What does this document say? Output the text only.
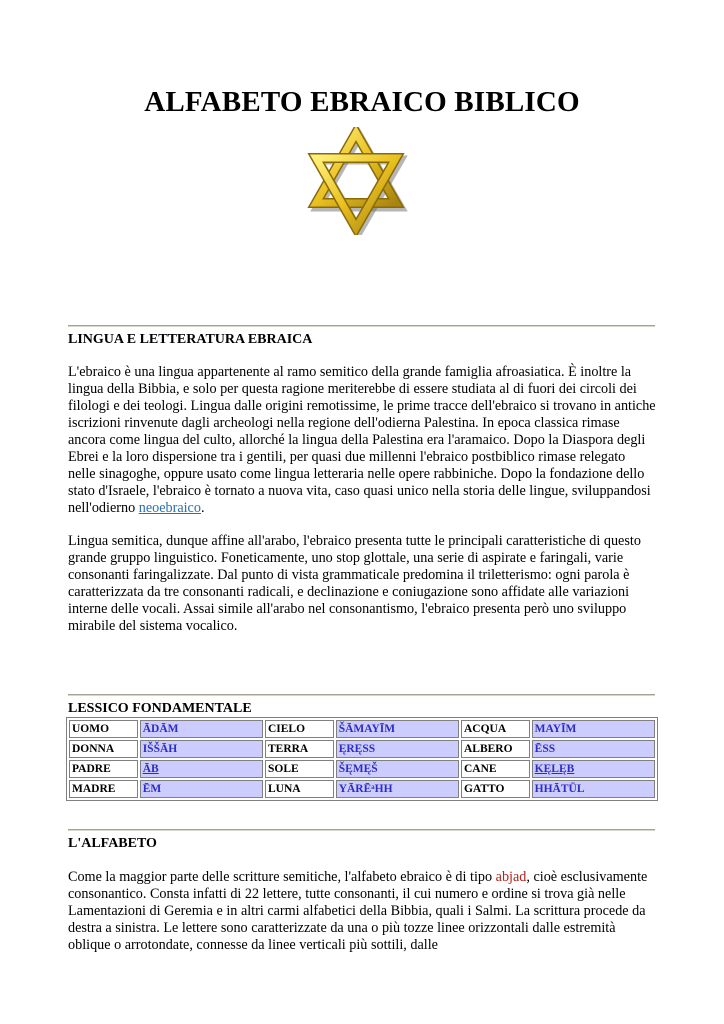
ALFABETO EBRAICO BIBLICO
LINGUA E LETTERATURA EBRAICA

L'ebraico è una lingua appartenente al ramo semitico della grande famiglia afroasiatica. È inoltre la lingua della Bibbia, e solo per questa ragione meriterebbe di essere studiata al di fuori dei circoli dei filologi e dei teologi. Lingua dalle origini remotissime, le prime tracce dell'ebraico si trovano in antiche iscrizioni rinvenute dagli archeologi nella regione dell'odierna Palestina. In epoca classica rimase ancora come lingua del culto, allorché la lingua della Palestina era l'aramaico. Dopo la Diaspora degli Ebrei e la loro dispersione tra i gentili, per quasi due millenni l'ebraico postbiblico rimase relegato nelle sinagoghe, oppure usato come lingua letteraria nelle opere rabbiniche. Dopo la fondazione dello stato d'Israele, l'ebraico è tornato a nuova vita, caso quasi unico nella storia delle lingue, sviluppandosi nell'odierno neoebraico.

Lingua semitica, dunque affine all'arabo, l'ebraico presenta tutte le principali caratteristiche di questo grande gruppo linguistico. Foneticamente, uno stop glottale, una serie di aspirate e faringali, varie consonanti faringalizzate. Dal punto di vista grammaticale predomina il triletterismo: ogni parola è caratterizzata da tre consonanti radicali, e declinazione e coniugazione sono affidate alle variazioni interne delle vocali. Assai simile all'arabo nel consonantismo, l'ebraico presenta però uno sviluppo mirabile del sistema vocalico.

LESSICO FONDAMENTALE
UOMO	ĀDĀM	CIELO	ŠĀMAYĪM	ACQUA	MAYĪM
DONNA	IŠŠĀH	TERRA	ĘRĘSS	ALBERO	ĒSS
PADRE	ĀB	SOLE	ŠĘMĘŠ	CANE	KĘLĘB
MADRE	ĒM	LUNA	YĀRĒᵃHH	GATTO	HHĀTŪL
L'ALFABETO

Come la maggior parte delle scritture semitiche, l'alfabeto ebraico è di tipo abjad, cioè esclusivamente consonantico. Consta infatti di 22 lettere, tutte consonanti, il cui numero e ordine si trova già nelle Lamentazioni di Geremia e in altri carmi alfabetici della Bibbia, quali i Salmi. La scrittura procede da destra a sinistra. Le lettere sono caratterizzate da una o più tozze linee orizzontali dalle estremità oblique o arrotondate, connesse da linee verticali più sottili, dalle
